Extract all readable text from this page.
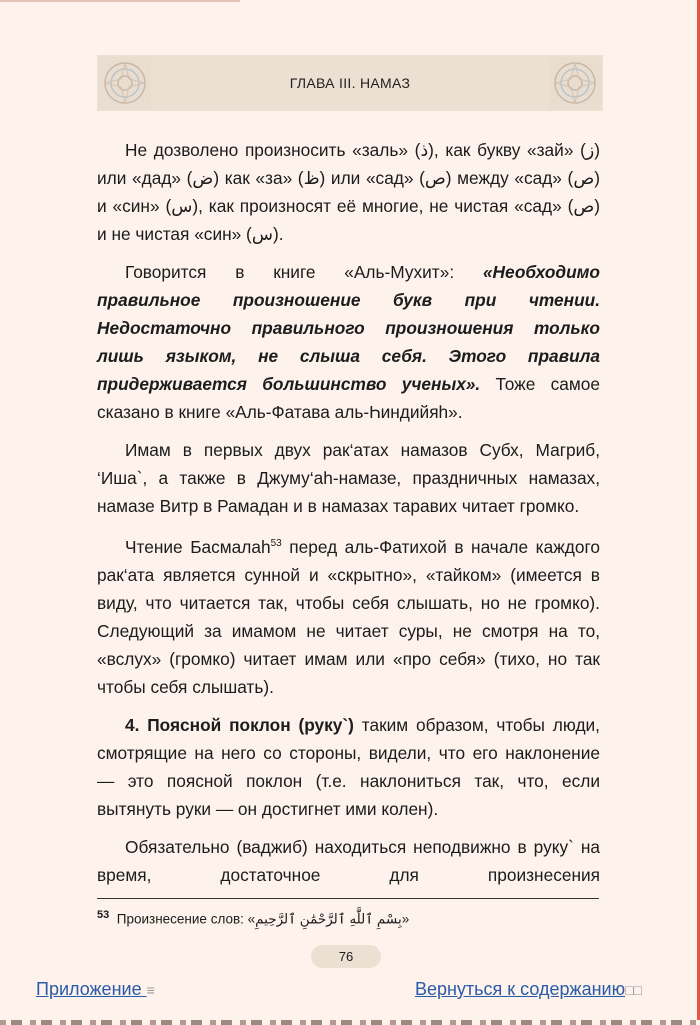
ГЛАВА III. НАМАЗ

Не дозволено произносить «заль» (ذ), как букву «зай» (ز) или «дад» (ض) как «за» (ظ) или «сад» (ص) между «сад» (ص) и «син» (س), как произносят её многие, не чистая «сад» (ص) и не чистая «син» (س).

Говорится в книге «Аль-Мухит»: «Необходимо правильное произношение букв при чтении. Недостаточно правильного произношения только лишь языком, не слыша себя. Этого правила придерживается большинство ученых». Тоже самое сказано в книге «Аль-Фатава аль-Һиндийяһ».

Имам в первых двух рак‘атах намазов Субх, Магриб, ‘Иша`, а также в Джуму‘аһ-намазе, праздничных намазах, намазе Витр в Рамадан и в намазах таравих читает громко.

Чтение Басмалаh$^{53}$ перед аль-Фатихой в начале каждого рак‘ата является сунной и «скрытно», «тайком» (имеется в виду, что читается так, чтобы себя слышать, но не громко). Следующий за имамом не читает суры, не смотря на то, «вслух» (громко) читает имам или «про себя» (тихо, но так чтобы себя слышать).

4. Поясной поклон (руку`) таким образом, чтобы люди, смотрящие на него со стороны, видели, что его наклонение — это поясной поклон (т.е. наклониться так, что, если вытянуть руки — он достигнет ими колен).

Обязательно (ваджиб) находиться неподвижно в руку` на время, достаточное для произнесения

$^{53}$ Произнесение слов: «بِسْمِ ٱللَّٰهِ ٱلرَّحْمَٰنِ ٱلرَّحِيمِ»
76
Приложение ≡	Вернуться к содержанию□□
